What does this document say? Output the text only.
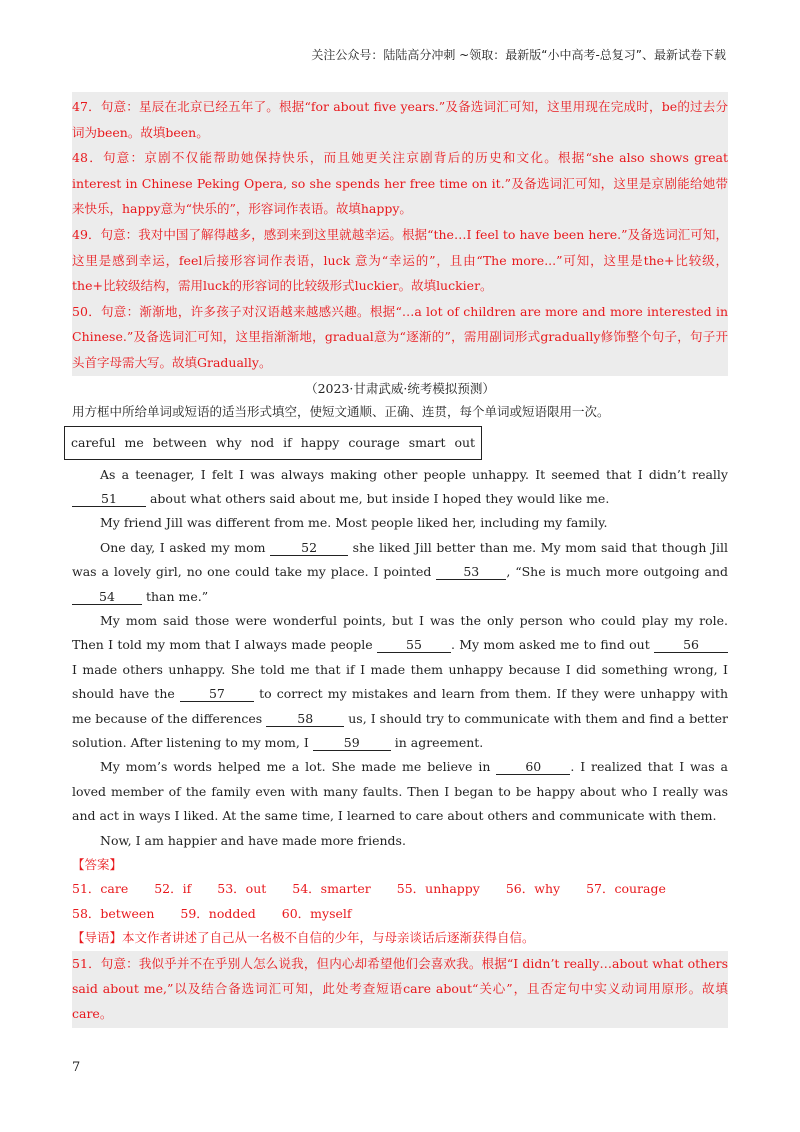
关注公众号：陆陆高分冲刺 ~领取：最新版“小中高考-总复习”、最新试卷下载
47．句意：星辰在北京已经五年了。根据“for about five years.”及备选词汇可知，这里用现在完成时，be的过去分词为been。故填been。
48．句意：京剧不仅能帮助她保持快乐，而且她更关注京剧背后的历史和文化。根据“she also shows great interest in Chinese Peking Opera, so she spends her free time on it.”及备选词汇可知，这里是京剧能给她带来快乐，happy意为“快乐的”，形容词作表语。故填happy。
49．句意：我对中国了解得越多，感到来到这里就越幸运。根据“the…I feel to have been here.”及备选词汇可知，这里是感到幸运，feel后接形容词作表语，luck 意为“幸运的”，且由“The more...”可知，这里是the+比较级，the+比较级结构，需用luck的形容词的比较级形式luckier。故填luckier。
50．句意：渐渐地，许多孩子对汉语越来越感兴趣。根据“…a lot of children are more and more interested in Chinese.”及备选词汇可知，这里指渐渐地，gradual意为“逐渐的”，需用副词形式gradually修饰整个句子，句子开头首字母需大写。故填Gradually。
（2023·甘肃武威·统考模拟预测）
用方框中所给单词或短语的适当形式填空，使短文通顺、正确、连贯，每个单词或短语限用一次。
careful me between why nod if happy courage smart out

As a teenager, I felt I was always making other people unhappy. It seemed that I didn’t really 51 about what others said about me, but inside I hoped they would like me.

My friend Jill was different from me. Most people liked her, including my family.

One day, I asked my mom 52 she liked Jill better than me. My mom said that though Jill was a lovely girl, no one could take my place. I pointed 53 , “She is much more outgoing and 54 than me.”

My mom said those were wonderful points, but I was the only person who could play my role. Then I told my mom that I always made people 55 . My mom asked me to find out 56 I made others unhappy. She told me that if I made them unhappy because I did something wrong, I should have the 57 to correct my mistakes and learn from them. If they were unhappy with me because of the differences 58 us, I should try to communicate with them and find a better solution. After listening to my mom, I 59 in agreement.

My mom’s words helped me a lot. She made me believe in 60 . I realized that I was a loved member of the family even with many faults. Then I began to be happy about who I really was and act in ways I liked. At the same time, I learned to care about others and communicate with them.

Now, I am happier and have made more friends.

【答案】
51．care 52．if 53．out 54．smarter 55．unhappy 56．why 57．courage
58．between 59．nodded 60．myself
【导语】本文作者讲述了自己从一名极不自信的少年，与母亲谈话后逐渐获得自信。
51．句意：我似乎并不在乎别人怎么说我，但内心却希望他们会喜欢我。根据“I didn’t really…about what others said about me,”以及结合备选词汇可知，此处考查短语care about“关心”，且否定句中实义动词用原形。故填care。
7
